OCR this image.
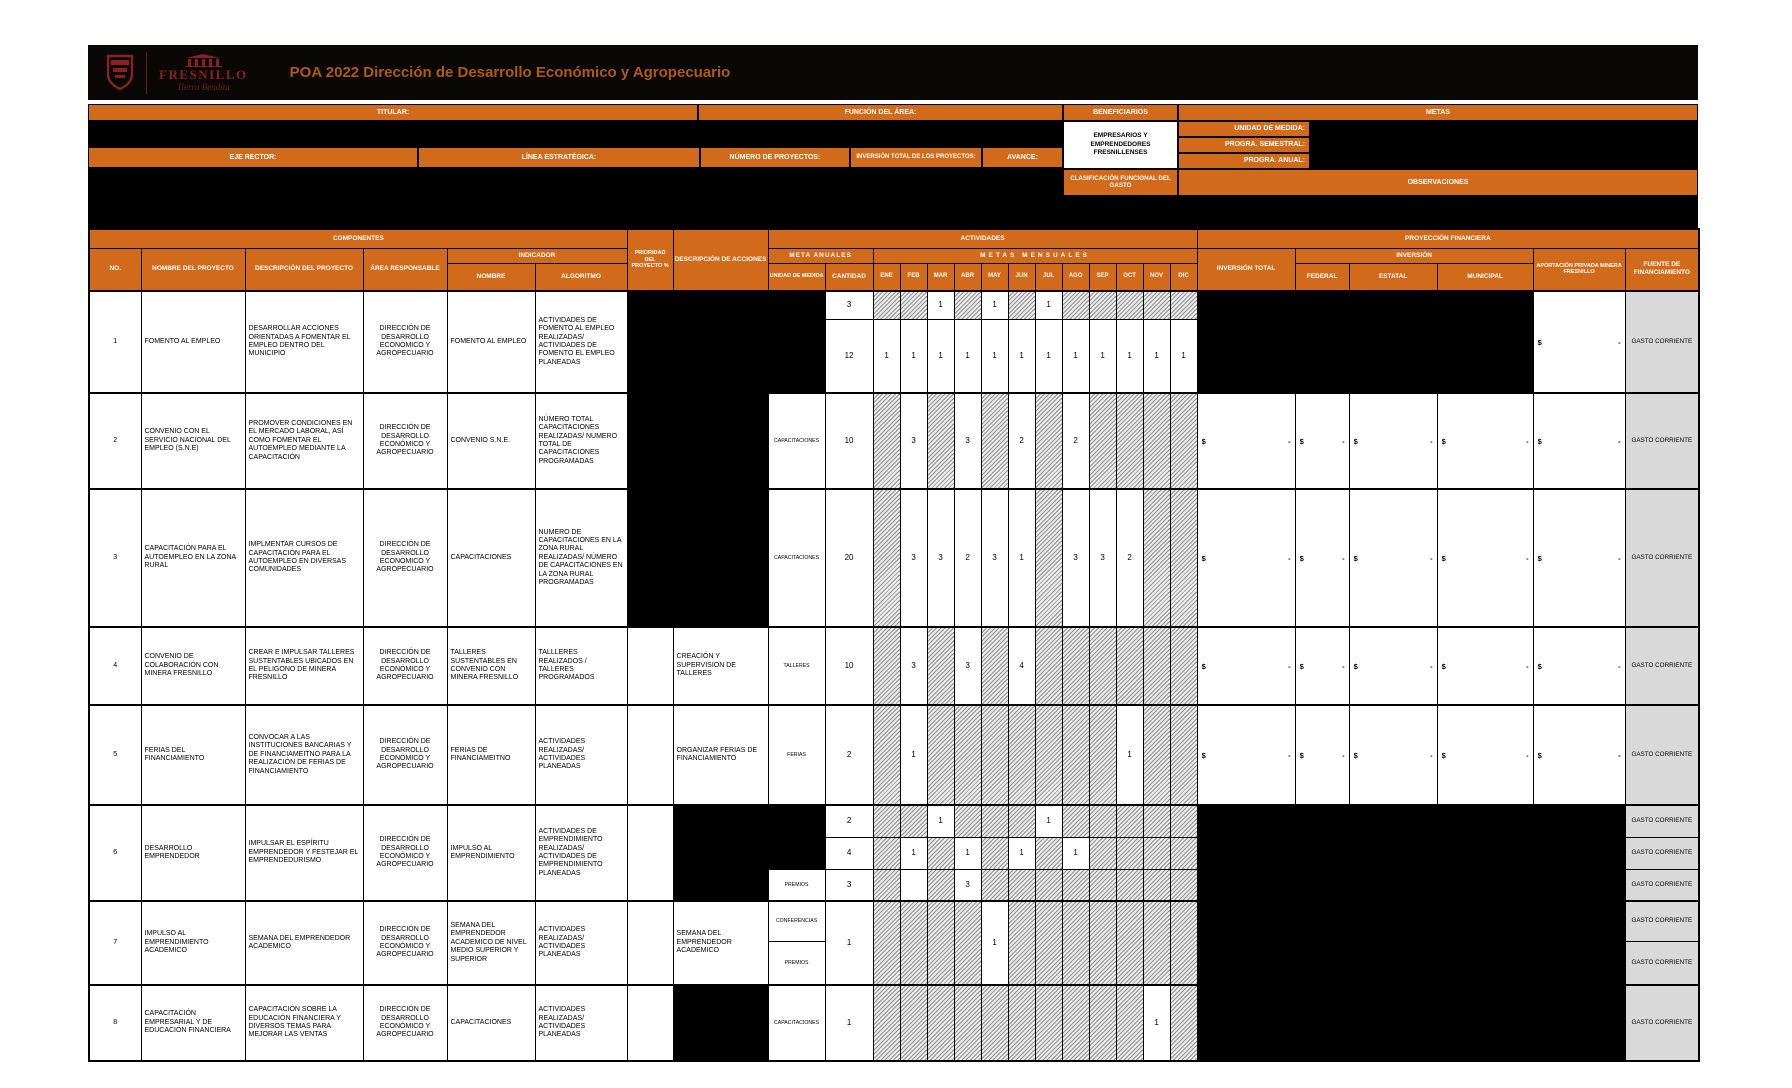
FRESNILLO
Tierra Bendita
POA 2022 Dirección de Desarrollo Económico y Agropecuario
TITULAR:	FUNCIÓN DEL ÁREA:	BENEFICIARIOS	METAS
EJE RECTOR:	LÍNEA ESTRATÉGICA:	NÚMERO DE PROYECTOS:	INVERSIÓN TOTAL DE LOS PROYECTOS:	AVANCE:
EMPRESARIOS Y EMPRENDEDORES FRESNILLENSES
UNIDAD DE MEDIDA:
PROGRA. SEMESTRAL:
PROGRA. ANUAL:
CLASIFICACIÓN FUNCIONAL DEL GASTO	OBSERVACIONES
COMPONENTES						PRIORIDAD DEL PROYECTO %	DESCRIPCIÓN DE ACCIONES	ACTIVIDADES														PROYECCIÓN FINANCIERA					
NO.	NOMBRE DEL PROYECTO	DESCRIPCIÓN DEL PROYECTO	ÁREA RESPONSABLE	INDICADOR				META ANUALES		METAS MENSUALES												INVERSIÓN TOTAL	INVERSIÓN			APORTACIÓN PRIVADA MINERA FRESNILLO	FUENTE DE FINANCIAMIENTO
				NOMBRE	ALGORITMO			UNIDAD DE MEDIDA	CANTIDAD	ENE	FEB	MAR	ABR	MAY	JUN	JUL	AGO	SEP	OCT	NOV	DIC		FEDERAL	ESTATAL	MUNICIPAL		
1	FOMENTO AL EMPLEO	DESARROLLAR ACCIONES ORIENTADAS A FOMENTAR EL EMPLEO DENTRO DEL MUNICIPIO	DIRECCIÓN DE DESARROLLO ECONÓMICO Y AGROPECUARIO	FOMENTO AL EMPLEO	ACTIVIDADES DE FOMENTO AL EMPLEO REALIZADAS/ ACTIVIDADES DE FOMENTO EL EMPLEO PLANEADAS				3			1		1		1										$ -	GASTO CORRIENTE
									12	1	1	1	1	1	1	1	1	1	1	1	1						
2	CONVENIO CON EL SERVICIO NACIONAL DEL EMPLEO (S.N.E)	PROMOVER CONDICIONES EN EL MERCADO LABORAL, ASÍ COMO FOMENTAR EL AUTOEMPLEO MEDIANTE LA CAPACITACIÓN	DIRECCIÓN DE DESARROLLO ECONÓMICO Y AGROPECUARIO	CONVENIO S.N.E.	NÚMERO TOTAL CAPACITACIONES REALIZADAS/ NUMERO TOTAL DE CAPACITACIONES PROGRAMADAS			CAPACITACIONES	10		3		3		2		2					$ -	$ -	$ -	$ -	$ -	GASTO CORRIENTE
3	CAPACITACIÓN PARA EL AUTOEMPLEO EN LA ZONA RURAL	IMPLMENTAR CURSOS DE CAPACITACIÓN PARA EL AUTOEMPLEO EN DIVERSAS COMUNIDADES	DIRECCIÓN DE DESARROLLO ECONÓMICO Y AGROPECUARIO	CAPACITACIONES	NUMERO DE CAPACITACIONES EN LA ZONA RURAL REALIZADAS/ NÚMERO DE CAPACITACIONES EN LA ZONA RURAL PROGRAMADAS			CAPACITACIONES	20		3	3	2	3	1		3	3	2			$ -	$ -	$ -	$ -	$ -	GASTO CORRIENTE
4	CONVENIO DE COLABORACIÓN CON MINERA FRESNILLO	CREAR E IMPULSAR TALLERES SUSTENTABLES UBICADOS EN EL PELIGONO DE MINERA FRESNILLO	DIRECCIÓN DE DESARROLLO ECONÓMICO Y AGROPECUARIO	TALLERES SUSTENTABLES EN CONVENIO CON MINERA FRESNILLO	TALLLERES REALIZADOS / TALLERES PROGRAMADOS		CREACIÓN Y SUPERVISION DE TALLERES	TALLERES	10		3		3		4							$ -	$ -	$ -	$ -	$ -	GASTO CORRIENTE
5	FERIAS DEL FINANCIAMIENTO	CONVOCAR A LAS INSTITUCIONES BANCARIAS Y DE FINANCIAMEITNO PARA LA REALIZACIÓN DE FERIAS DE FINANCIAMIENTO	DIRECCIÓN DE DESARROLLO ECONÓMICO Y AGROPECUARIO	FERIAS DE FINANCIAMEITNO	ACTIVIDADES REALIZADAS/ ACTIVIDADES PLANEADAS		ORGANIZAR FERIAS DE FINANCIAMIENTO	FERIAS	2		1								1			$ -	$ -	$ -	$ -	$ -	GASTO CORRIENTE
6	DESARROLLO EMPRENDEDOR	IMPULSAR EL ESPÍRITU EMPRENDEDOR Y FESTEJAR EL EMPRENDEDURISMO	DIRECCIÓN DE DESARROLLO ECONÓMICO Y AGROPECUARIO	IMPULSO AL EMPRENDIMIENTO	ACTIVIDADES DE EMPRENDIMIENTO REALIZADAS/ ACTIVIDADES DE EMPRENDIMIENTO PLANEADAS				2			1				1											GASTO CORRIENTE
									4		1		1		1		1										GASTO CORRIENTE
								PREMIOS	3				3														GASTO CORRIENTE
7	IMPULSO AL EMPRENDIMIENTO ACADEMICO	SEMANA DEL EMPRENDEDOR ACADEMICO	DIRECCIÓN DE DESARROLLO ECONÓMICO Y AGROPECUARIO	SEMANA DEL EMPRENDEDOR ACADEMICO DE NIVEL MEDIO SUPERIOR Y SUPERIOR	ACTIVIDADES REALIZADAS/ ACTIVIDADES PLANEADAS		SEMANA DEL EMPRENDEDOR ACADEMICO	CONFERENCIAS	1					1													GASTO CORRIENTE
								PREMIOS																			GASTO CORRIENTE
8	CAPACITACIÓN EMPRESARIAL Y DE EDUCACIÓN FINANCIERA	CAPACITACIÓN SOBRE LA EDUCACIÓN FINANCIERA Y DIVERSOS TEMAS PARA MEJORAR LAS VENTAS	DIRECCIÓN DE DESARROLLO ECONÓMICO Y AGROPECUARIO	CAPACITACIONES	ACTIVIDADES REALIZADAS/ ACTIVIDADES PLANEADAS			CAPACITACIONES	1											1							GASTO CORRIENTE
